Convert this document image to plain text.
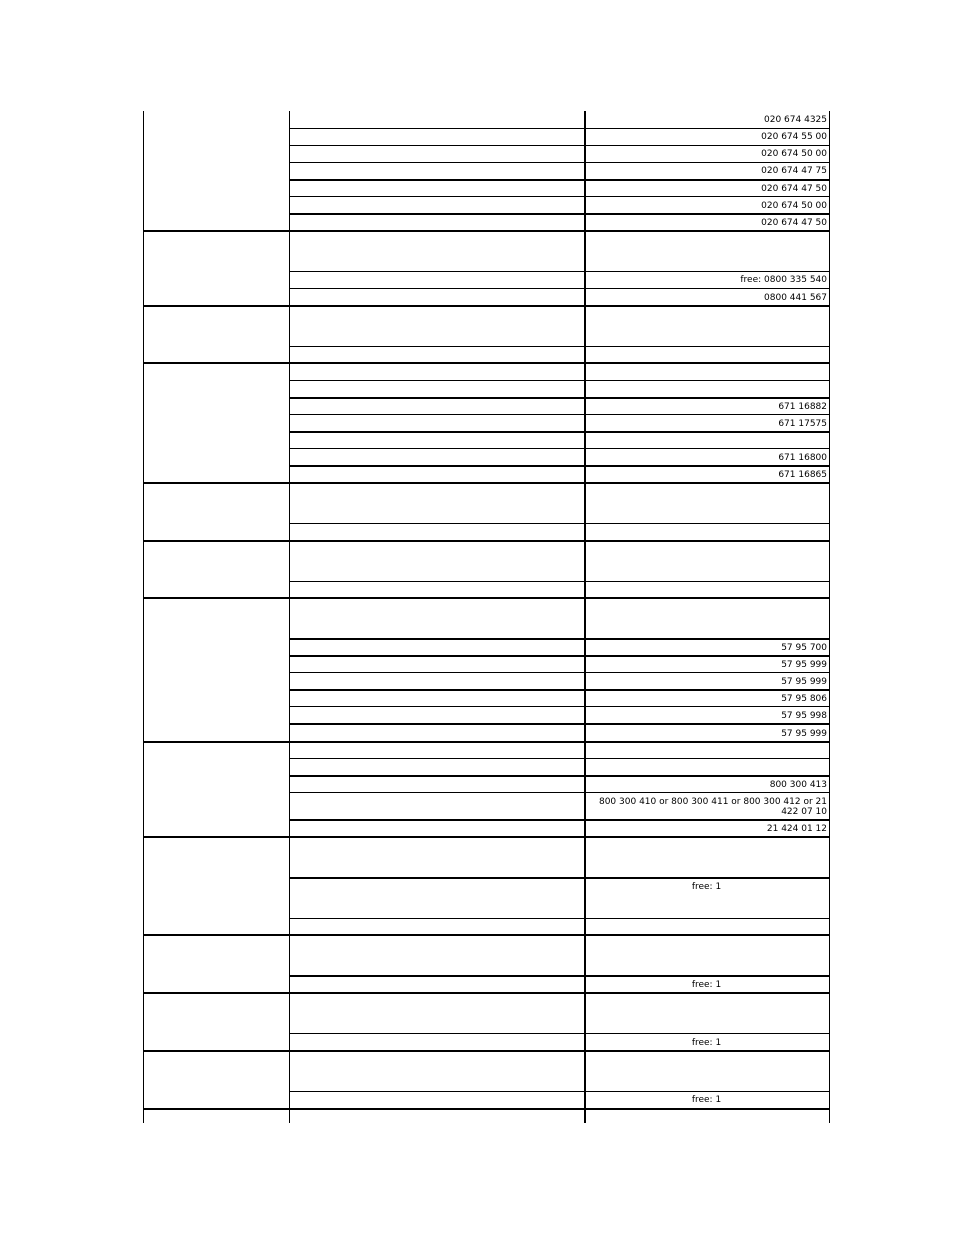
020 674 4325
020 674 55 00
020 674 50 00
020 674 47 75
020 674 47 50
020 674 50 00
020 674 47 50
free: 0800 335 540
0800 441 567
671 16882
671 17575
671 16800
671 16865
57 95 700
57 95 999
57 95 999
57 95 806
57 95 998
57 95 999
800 300 413
800 300 410 or 800 300 411 or 800 300 412 or 21 422 07 10
21 424 01 12
free: 1
free: 1
free: 1
free: 1
